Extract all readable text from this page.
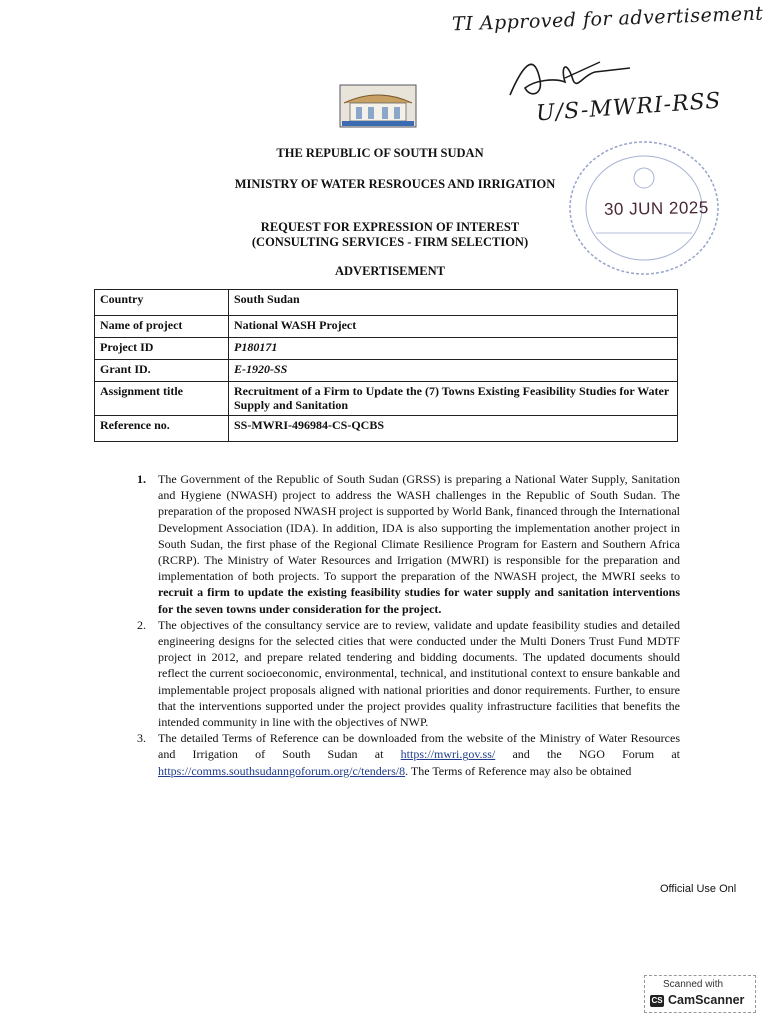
TI Approved for advertisement
U/S-MWRI-RSS
30 JUN 2025
THE REPUBLIC OF SOUTH SUDAN
MINISTRY OF WATER RESROUCES AND IRRIGATION
REQUEST FOR EXPRESSION OF INTEREST
(CONSULTING SERVICES - FIRM SELECTION)
ADVERTISEMENT
Country	South Sudan
Name of project	National WASH Project
Project ID	P180171
Grant ID.	E-1920-SS
Assignment title	Recruitment of a Firm to Update the (7) Towns Existing Feasibility Studies for Water Supply and Sanitation
Reference no.	SS-MWRI-496984-CS-QCBS
1.	The Government of the Republic of South Sudan (GRSS) is preparing a National Water Supply, Sanitation and Hygiene (NWASH) project to address the WASH challenges in the Republic of South Sudan. The preparation of the proposed NWASH project is supported by World Bank, financed through the International Development Association (IDA). In addition, IDA is also supporting the implementation another project in South Sudan, the first phase of the Regional Climate Resilience Program for Eastern and Southern Africa (RCRP). The Ministry of Water Resources and Irrigation (MWRI) is responsible for the preparation and implementation of both projects. To support the preparation of the NWASH project, the MWRI seeks to recruit a firm to update the existing feasibility studies for water supply and sanitation interventions for the seven towns under consideration for the project.
2.	The objectives of the consultancy service are to review, validate and update feasibility studies and detailed engineering designs for the selected cities that were conducted under the Multi Doners Trust Fund MDTF project in 2012, and prepare related tendering and bidding documents. The updated documents should reflect the current socioeconomic, environmental, technical, and institutional context to ensure bankable and implementable project proposals aligned with national priorities and donor requirements. Further, to ensure that the interventions supported under the project provides quality infrastructure facilities that benefits the intended community in line with the objectives of NWP.
3.	The detailed Terms of Reference can be downloaded from the website of the Ministry of Water Resources and Irrigation of South Sudan at https://mwri.gov.ss/ and the NGO Forum at https://comms.southsudanngoforum.org/c/tenders/8. The Terms of Reference may also be obtained
Official Use Onl
Scanned with
CS CamScanner
